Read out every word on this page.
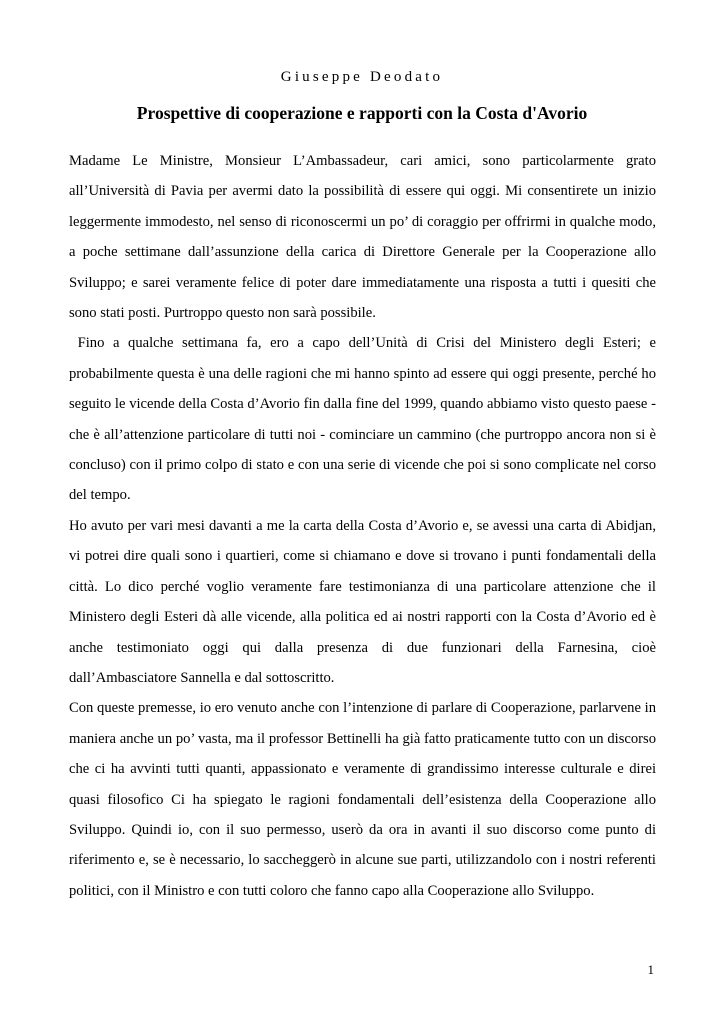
Giuseppe Deodato
Prospettive di cooperazione e rapporti con la Costa d'Avorio

Madame Le Ministre, Monsieur L’Ambassadeur, cari amici, sono particolarmente grato all’Università di Pavia per avermi dato la possibilità di essere qui oggi. Mi consentirete un inizio leggermente immodesto, nel senso di riconoscermi un po’ di coraggio per offrirmi in qualche modo, a poche settimane dall’assunzione della carica di Direttore Generale per la Cooperazione allo Sviluppo; e sarei veramente felice di poter dare immediatamente una risposta a tutti i quesiti che sono stati posti. Purtroppo questo non sarà possibile.

Fino a qualche settimana fa, ero a capo dell’Unità di Crisi del Ministero degli Esteri; e probabilmente questa è una delle ragioni che mi hanno spinto ad essere qui oggi presente, perché ho seguito le vicende della Costa d’Avorio fin dalla fine del 1999, quando abbiamo visto questo paese - che è all’attenzione particolare di tutti noi - cominciare un cammino (che purtroppo ancora non si è concluso) con il primo colpo di stato e con una serie di vicende che poi si sono complicate nel corso del tempo.

Ho avuto per vari mesi davanti a me la carta della Costa d’Avorio e, se avessi una carta di Abidjan, vi potrei dire quali sono i quartieri, come si chiamano e dove si trovano i punti fondamentali della città. Lo dico perché voglio veramente fare testimonianza di una particolare attenzione che il Ministero degli Esteri dà alle vicende, alla politica ed ai nostri rapporti con la Costa d’Avorio ed è anche testimoniato oggi qui dalla presenza di due funzionari della Farnesina, cioè dall’Ambasciatore Sannella e dal sottoscritto.

Con queste premesse, io ero venuto anche con l’intenzione di parlare di Cooperazione, parlarvene in maniera anche un po’ vasta, ma il professor Bettinelli ha già fatto praticamente tutto con un discorso che ci ha avvinti tutti quanti, appassionato e veramente di grandissimo interesse culturale e direi quasi filosofico Ci ha spiegato le ragioni fondamentali dell’esistenza della Cooperazione allo Sviluppo. Quindi io, con il suo permesso, userò da ora in avanti il suo discorso come punto di riferimento e, se è necessario, lo saccheggerò in alcune sue parti, utilizzandolo con i nostri referenti politici, con il Ministro e con tutti coloro che fanno capo alla Cooperazione allo Sviluppo.

1
